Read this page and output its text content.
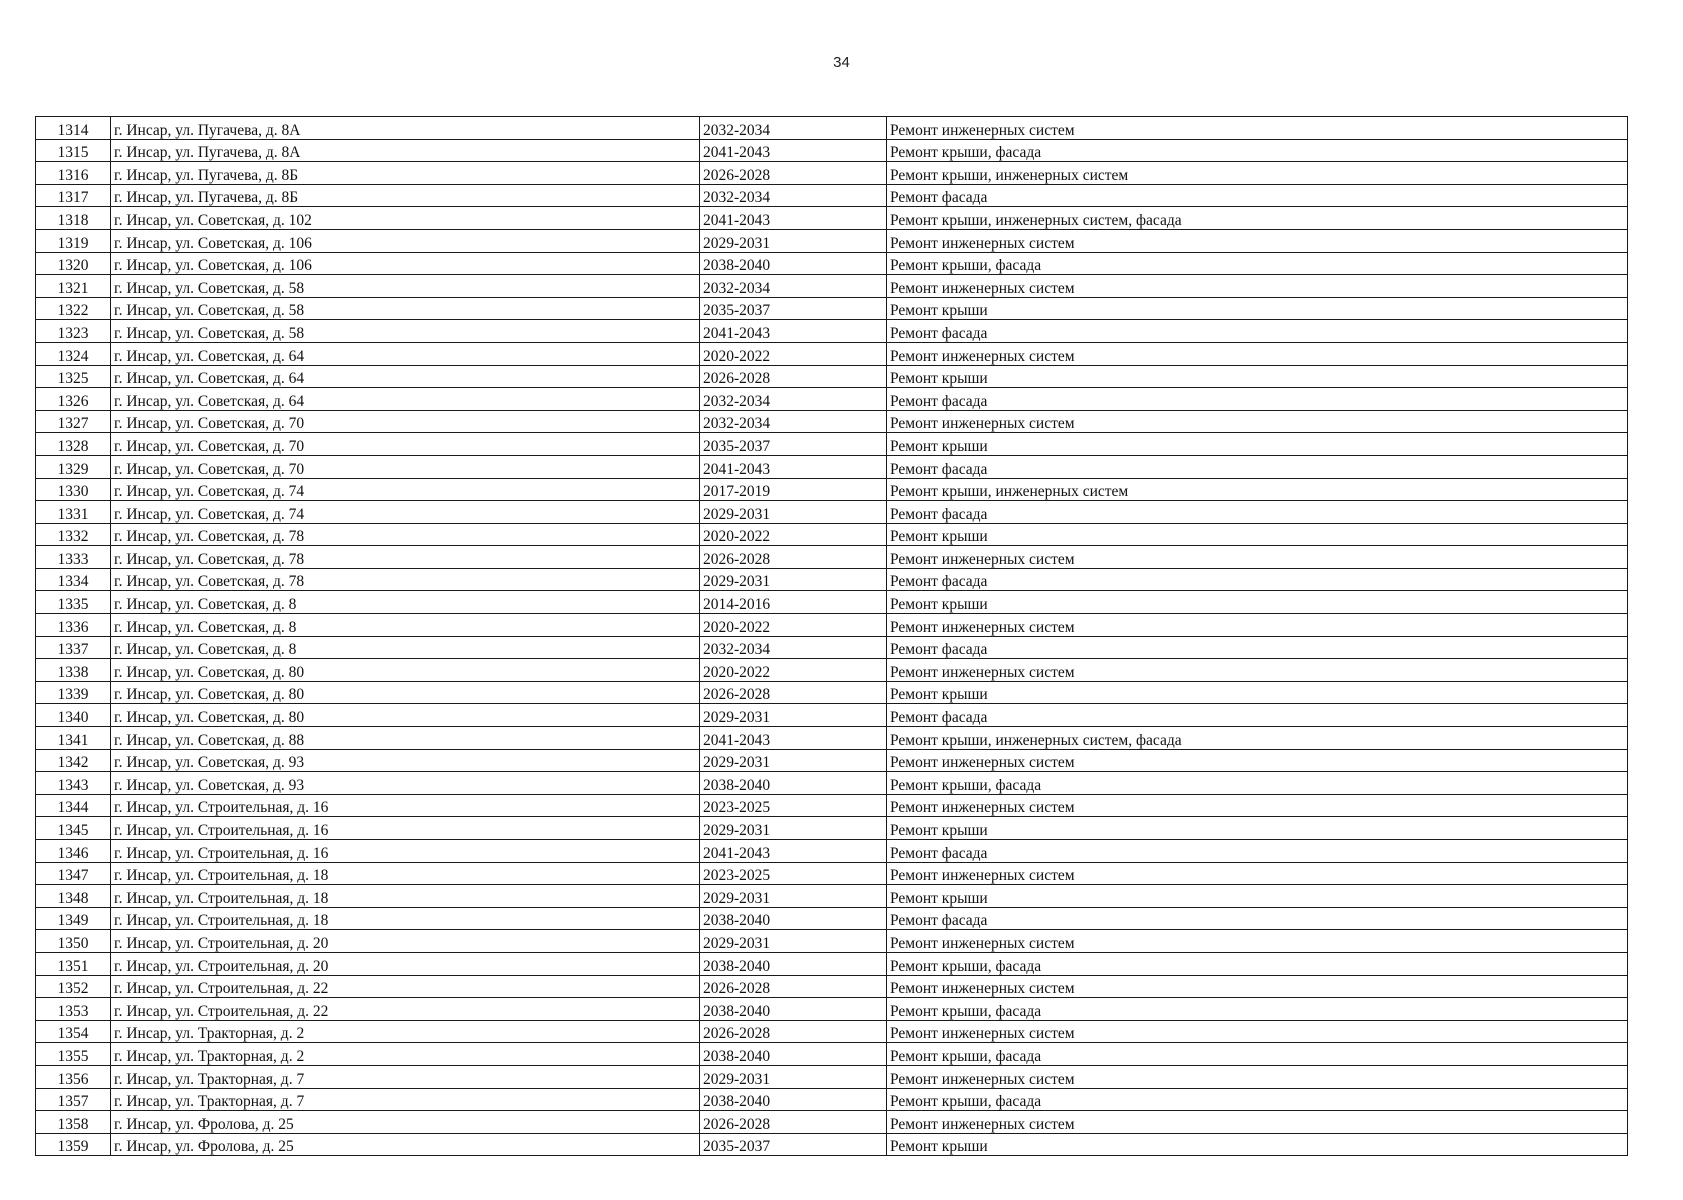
34
1314	г. Инсар, ул. Пугачева, д. 8А	2032-2034	Ремонт инженерных систем
1315	г. Инсар, ул. Пугачева, д. 8А	2041-2043	Ремонт крыши, фасада
1316	г. Инсар, ул. Пугачева, д. 8Б	2026-2028	Ремонт крыши, инженерных систем
1317	г. Инсар, ул. Пугачева, д. 8Б	2032-2034	Ремонт фасада
1318	г. Инсар, ул. Советская, д. 102	2041-2043	Ремонт крыши, инженерных систем, фасада
1319	г. Инсар, ул. Советская, д. 106	2029-2031	Ремонт инженерных систем
1320	г. Инсар, ул. Советская, д. 106	2038-2040	Ремонт крыши, фасада
1321	г. Инсар, ул. Советская, д. 58	2032-2034	Ремонт инженерных систем
1322	г. Инсар, ул. Советская, д. 58	2035-2037	Ремонт крыши
1323	г. Инсар, ул. Советская, д. 58	2041-2043	Ремонт фасада
1324	г. Инсар, ул. Советская, д. 64	2020-2022	Ремонт инженерных систем
1325	г. Инсар, ул. Советская, д. 64	2026-2028	Ремонт крыши
1326	г. Инсар, ул. Советская, д. 64	2032-2034	Ремонт фасада
1327	г. Инсар, ул. Советская, д. 70	2032-2034	Ремонт инженерных систем
1328	г. Инсар, ул. Советская, д. 70	2035-2037	Ремонт крыши
1329	г. Инсар, ул. Советская, д. 70	2041-2043	Ремонт фасада
1330	г. Инсар, ул. Советская, д. 74	2017-2019	Ремонт крыши, инженерных систем
1331	г. Инсар, ул. Советская, д. 74	2029-2031	Ремонт фасада
1332	г. Инсар, ул. Советская, д. 78	2020-2022	Ремонт крыши
1333	г. Инсар, ул. Советская, д. 78	2026-2028	Ремонт инженерных систем
1334	г. Инсар, ул. Советская, д. 78	2029-2031	Ремонт фасада
1335	г. Инсар, ул. Советская, д. 8	2014-2016	Ремонт крыши
1336	г. Инсар, ул. Советская, д. 8	2020-2022	Ремонт инженерных систем
1337	г. Инсар, ул. Советская, д. 8	2032-2034	Ремонт фасада
1338	г. Инсар, ул. Советская, д. 80	2020-2022	Ремонт инженерных систем
1339	г. Инсар, ул. Советская, д. 80	2026-2028	Ремонт крыши
1340	г. Инсар, ул. Советская, д. 80	2029-2031	Ремонт фасада
1341	г. Инсар, ул. Советская, д. 88	2041-2043	Ремонт крыши, инженерных систем, фасада
1342	г. Инсар, ул. Советская, д. 93	2029-2031	Ремонт инженерных систем
1343	г. Инсар, ул. Советская, д. 93	2038-2040	Ремонт крыши, фасада
1344	г. Инсар, ул. Строительная, д. 16	2023-2025	Ремонт инженерных систем
1345	г. Инсар, ул. Строительная, д. 16	2029-2031	Ремонт крыши
1346	г. Инсар, ул. Строительная, д. 16	2041-2043	Ремонт фасада
1347	г. Инсар, ул. Строительная, д. 18	2023-2025	Ремонт инженерных систем
1348	г. Инсар, ул. Строительная, д. 18	2029-2031	Ремонт крыши
1349	г. Инсар, ул. Строительная, д. 18	2038-2040	Ремонт фасада
1350	г. Инсар, ул. Строительная, д. 20	2029-2031	Ремонт инженерных систем
1351	г. Инсар, ул. Строительная, д. 20	2038-2040	Ремонт крыши, фасада
1352	г. Инсар, ул. Строительная, д. 22	2026-2028	Ремонт инженерных систем
1353	г. Инсар, ул. Строительная, д. 22	2038-2040	Ремонт крыши, фасада
1354	г. Инсар, ул. Тракторная, д. 2	2026-2028	Ремонт инженерных систем
1355	г. Инсар, ул. Тракторная, д. 2	2038-2040	Ремонт крыши, фасада
1356	г. Инсар, ул. Тракторная, д. 7	2029-2031	Ремонт инженерных систем
1357	г. Инсар, ул. Тракторная, д. 7	2038-2040	Ремонт крыши, фасада
1358	г. Инсар, ул. Фролова, д. 25	2026-2028	Ремонт инженерных систем
1359	г. Инсар, ул. Фролова, д. 25	2035-2037	Ремонт крыши
